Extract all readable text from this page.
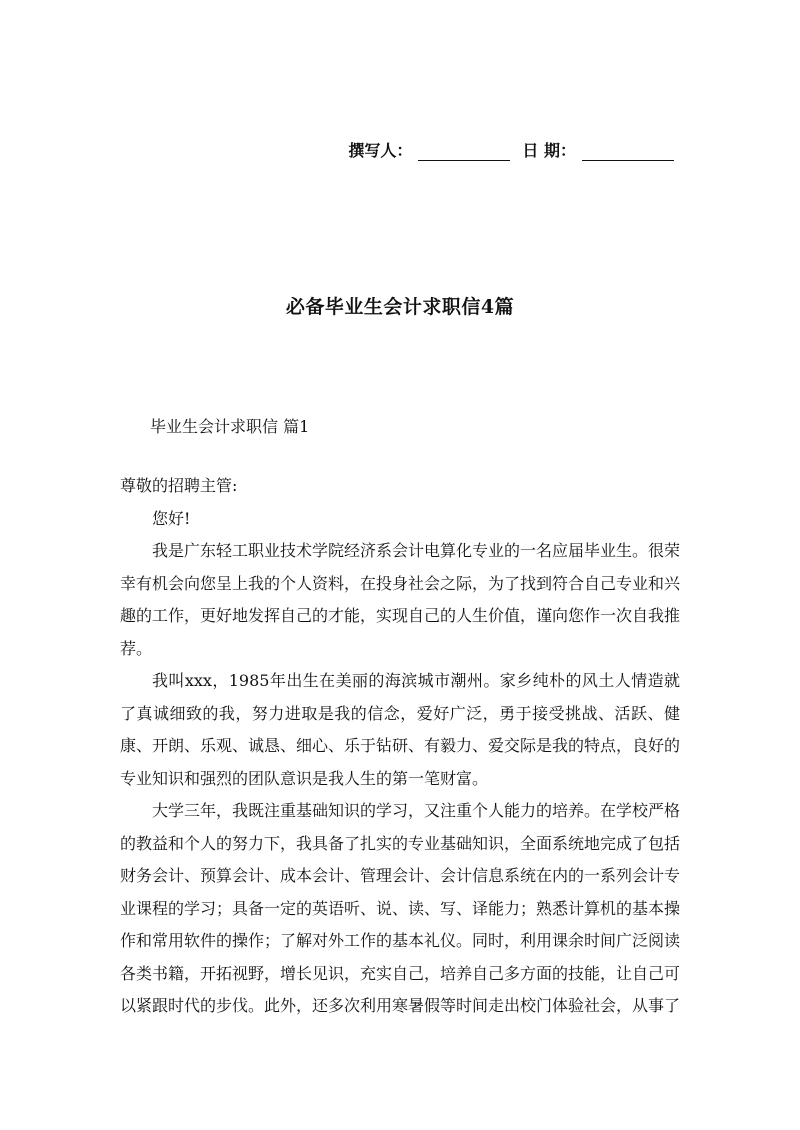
撰写人：	日 期：
必备毕业生会计求职信4篇
毕业生会计求职信 篇1

尊敬的招聘主管:

您好!

我是广东轻工职业技术学院经济系会计电算化专业的一名应届毕业生。很荣幸有机会向您呈上我的个人资料，在投身社会之际，为了找到符合自己专业和兴趣的工作，更好地发挥自己的才能，实现自己的人生价值，谨向您作一次自我推荐。

我叫xxx，1985年出生在美丽的海滨城市潮州。家乡纯朴的风土人情造就了真诚细致的我，努力进取是我的信念，爱好广泛，勇于接受挑战、活跃、健康、开朗、乐观、诚恳、细心、乐于钻研、有毅力、爱交际是我的特点，良好的专业知识和强烈的团队意识是我人生的第一笔财富。

大学三年，我既注重基础知识的学习，又注重个人能力的培养。在学校严格的教益和个人的努力下，我具备了扎实的专业基础知识，全面系统地完成了包括财务会计、预算会计、成本会计、管理会计、会计信息系统在内的一系列会计专业课程的学习；具备一定的英语听、说、读、写、译能力；熟悉计算机的基本操作和常用软件的操作；了解对外工作的基本礼仪。同时，利用课余时间广泛阅读各类书籍，开拓视野，增长见识，充实自己，培养自己多方面的技能，让自己可以紧跟时代的步伐。此外，还多次利用寒暑假等时间走出校门体验社会，从事了
